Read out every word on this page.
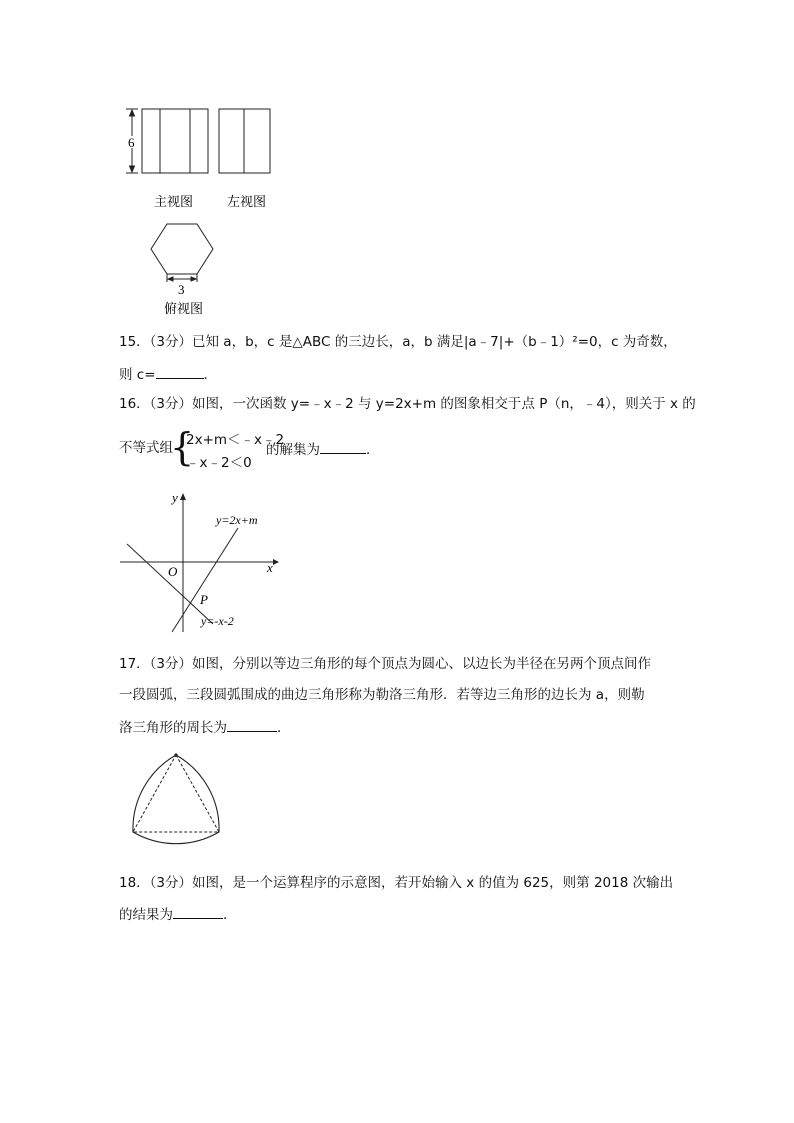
6
主视图	左视图
3
俯视图
15．（3分）已知 a，b，c 是△ABC 的三边长，a，b 满足|a﹣7|+（b﹣1）²=0，c 为奇数，
则 c=	．
16．（3分）如图，一次函数 y=﹣x﹣2 与 y=2x+m 的图象相交于点 P（n，﹣4），则关于 x 的
不等式组
{
2x+m＜﹣x﹣2
﹣x﹣2＜0
的解集为	．
y
x
O
P
y=2x+m
y=-x-2
17．（3分）如图，分别以等边三角形的每个顶点为圆心、以边长为半径在另两个顶点间作
一段圆弧，三段圆弧围成的曲边三角形称为勒洛三角形．若等边三角形的边长为 a，则勒
洛三角形的周长为	．
18．（3分）如图，是一个运算程序的示意图，若开始输入 x 的值为 625，则第 2018 次输出
的结果为	．
